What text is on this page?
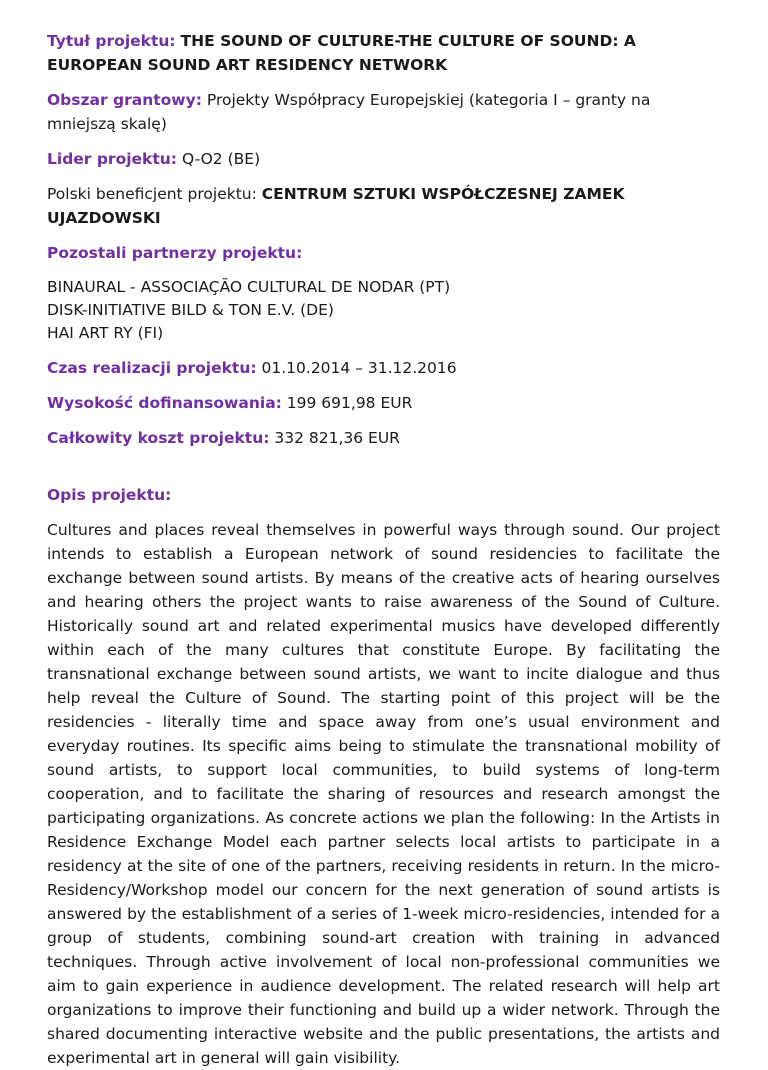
Tytuł projektu: THE SOUND OF CULTURE-THE CULTURE OF SOUND: A EUROPEAN SOUND ART RESIDENCY NETWORK

Obszar grantowy: Projekty Współpracy Europejskiej (kategoria I – granty na mniejszą skalę)

Lider projektu: Q-O2 (BE)

Polski beneficjent projektu: CENTRUM SZTUKI WSPÓŁCZESNEJ ZAMEK UJAZDOWSKI

Pozostali partnerzy projektu:

BINAURAL - ASSOCIAÇÃO CULTURAL DE NODAR (PT)
DISK-INITIATIVE BILD & TON E.V. (DE)
HAI ART RY (FI)

Czas realizacji projektu: 01.10.2014 – 31.12.2016

Wysokość dofinansowania: 199 691,98 EUR

Całkowity koszt projektu: 332 821,36 EUR

Opis projektu:

Cultures and places reveal themselves in powerful ways through sound. Our project intends to establish a European network of sound residencies to facilitate the exchange between sound artists. By means of the creative acts of hearing ourselves and hearing others the project wants to raise awareness of the Sound of Culture. Historically sound art and related experimental musics have developed differently within each of the many cultures that constitute Europe. By facilitating the transnational exchange between sound artists, we want to incite dialogue and thus help reveal the Culture of Sound. The starting point of this project will be the residencies - literally time and space away from one’s usual environment and everyday routines. Its specific aims being to stimulate the transnational mobility of sound artists, to support local communities, to build systems of long-term cooperation, and to facilitate the sharing of resources and research amongst the participating organizations. As concrete actions we plan the following: In the Artists in Residence Exchange Model each partner selects local artists to participate in a residency at the site of one of the partners, receiving residents in return. In the micro-Residency/Workshop model our concern for the next generation of sound artists is answered by the establishment of a series of 1-week micro-residencies, intended for a group of students, combining sound-art creation with training in advanced techniques. Through active involvement of local non-professional communities we aim to gain experience in audience development. The related research will help art organizations to improve their functioning and build up a wider network. Through the shared documenting interactive website and the public presentations, the artists and experimental art in general will gain visibility.
